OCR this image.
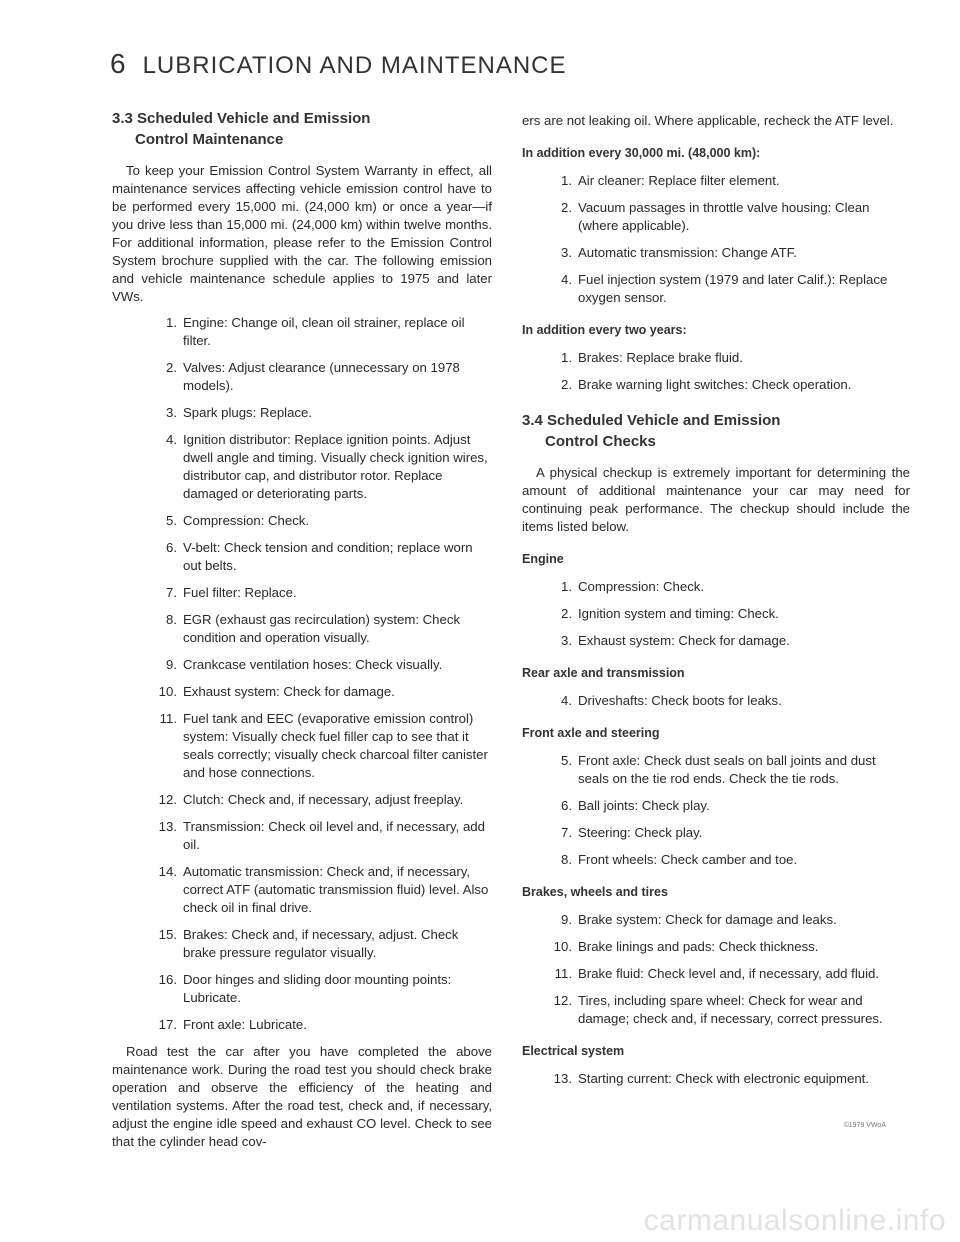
6 LUBRICATION AND MAINTENANCE
3.3 Scheduled Vehicle and Emission
Control Maintenance

To keep your Emission Control System Warranty in effect, all maintenance services affecting vehicle emission control have to be performed every 15,000 mi. (24,000 km) or once a year—if you drive less than 15,000 mi. (24,000 km) within twelve months. For additional information, please refer to the Emission Control System brochure supplied with the car. The following emission and vehicle maintenance schedule applies to 1975 and later VWs.

1. Engine: Change oil, clean oil strainer, replace oil filter.
2. Valves: Adjust clearance (unnecessary on 1978 models).
3. Spark plugs: Replace.
4. Ignition distributor: Replace ignition points. Adjust dwell angle and timing. Visually check ignition wires, distributor cap, and distributor rotor. Replace damaged or deteriorating parts.
5. Compression: Check.
6. V-belt: Check tension and condition; replace worn out belts.
7. Fuel filter: Replace.
8. EGR (exhaust gas recirculation) system: Check condition and operation visually.
9. Crankcase ventilation hoses: Check visually.
10. Exhaust system: Check for damage.
11. Fuel tank and EEC (evaporative emission control) system: Visually check fuel filler cap to see that it seals correctly; visually check charcoal filter canister and hose connections.
12. Clutch: Check and, if necessary, adjust freeplay.
13. Transmission: Check oil level and, if necessary, add oil.
14. Automatic transmission: Check and, if necessary, correct ATF (automatic transmission fluid) level. Also check oil in final drive.
15. Brakes: Check and, if necessary, adjust. Check brake pressure regulator visually.
16. Door hinges and sliding door mounting points: Lubricate.
17. Front axle: Lubricate.

Road test the car after you have completed the above maintenance work. During the road test you should check brake operation and observe the efficiency of the heating and ventilation systems. After the road test, check and, if necessary, adjust the engine idle speed and exhaust CO level. Check to see that the cylinder head cov-

ers are not leaking oil. Where applicable, recheck the ATF level.

In addition every 30,000 mi. (48,000 km):
1. Air cleaner: Replace filter element.
2. Vacuum passages in throttle valve housing: Clean (where applicable).
3. Automatic transmission: Change ATF.
4. Fuel injection system (1979 and later Calif.): Replace oxygen sensor.
In addition every two years:
1. Brakes: Replace brake fluid.
2. Brake warning light switches: Check operation.
3.4 Scheduled Vehicle and Emission
Control Checks

A physical checkup is extremely important for determining the amount of additional maintenance your car may need for continuing peak performance. The checkup should include the items listed below.

Engine
1. Compression: Check.
2. Ignition system and timing: Check.
3. Exhaust system: Check for damage.
Rear axle and transmission
4. Driveshafts: Check boots for leaks.
Front axle and steering
5. Front axle: Check dust seals on ball joints and dust seals on the tie rod ends. Check the tie rods.
6. Ball joints: Check play.
7. Steering: Check play.
8. Front wheels: Check camber and toe.
Brakes, wheels and tires
9. Brake system: Check for damage and leaks.
10. Brake linings and pads: Check thickness.
11. Brake fluid: Check level and, if necessary, add fluid.
12. Tires, including spare wheel: Check for wear and damage; check and, if necessary, correct pressures.
Electrical system
13. Starting current: Check with electronic equipment.
©1979 VWoA
carmanualsonline.info
